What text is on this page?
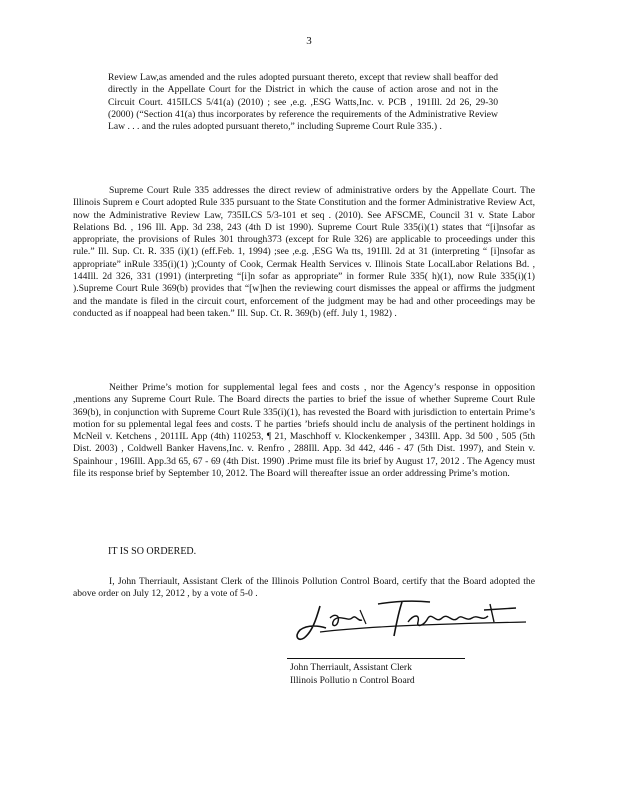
3

Review Law,as amended and the rules adopted pursuant thereto, except that review shall beaffor ded directly in the Appellate Court for the District in which the cause of action arose and not in the Circuit Court. 415ILCS 5/41(a) (2010) ; see ,e.g. ,ESG Watts,Inc. v. PCB , 191Ill. 2d 26, 29-30 (2000) (“Section 41(a) thus incorporates by reference the requirements of the Administrative Review Law . . . and the rules adopted pursuant thereto,” including Supreme Court Rule 335.) .

Supreme Court Rule 335 addresses the direct review of administrative orders by the Appellate Court. The Illinois Suprem e Court adopted Rule 335 pursuant to the State Constitution and the former Administrative Review Act, now the Administrative Review Law, 735ILCS 5/3-101 et seq . (2010). See AFSCME, Council 31 v. State Labor Relations Bd. , 196 Ill. App. 3d 238, 243 (4th D ist 1990). Supreme Court Rule 335(i)(1) states that “[i]nsofar as appropriate, the provisions of Rules 301 through373 (except for Rule 326) are applicable to proceedings under this rule.” Ill. Sup. Ct. R. 335 (i)(1) (eff.Feb. 1, 1994) ;see ,e.g. ,ESG Wa tts, 191Ill. 2d at 31 (interpreting “ [i]nsofar as appropriate” inRule 335(i)(1) );County of Cook, Cermak Health Services v. Illinois State LocalLabor Relations Bd. , 144Ill. 2d 326, 331 (1991) (interpreting “[i]n sofar as appropriate” in former Rule 335( h)(1), now Rule 335(i)(1) ).Supreme Court Rule 369(b) provides that “[w]hen the reviewing court dismisses the appeal or affirms the judgment and the mandate is filed in the circuit court, enforcement of the judgment may be had and other proceedings may be conducted as if noappeal had been taken.” Ill. Sup. Ct. R. 369(b) (eff. July 1, 1982) .

Neither Prime’s motion for supplemental legal fees and costs , nor the Agency’s response in opposition ,mentions any Supreme Court Rule. The Board directs the parties to brief the issue of whether Supreme Court Rule 369(b), in conjunction with Supreme Court Rule 335(i)(1), has revested the Board with jurisdiction to entertain Prime’s motion for su pplemental legal fees and costs. T he parties ’briefs should inclu de analysis of the pertinent holdings in McNeil v. Ketchens , 2011IL App (4th) 110253, ¶ 21, Maschhoff v. Klockenkemper , 343Ill. App. 3d 500 , 505 (5th Dist. 2003) , Coldwell Banker Havens,Inc. v. Renfro , 288Ill. App. 3d 442, 446 - 47 (5th Dist. 1997), and Stein v. Spainhour , 196Ill. App.3d 65, 67 - 69 (4th Dist. 1990) .Prime must file its brief by August 17, 2012 . The Agency must file its response brief by September 10, 2012. The Board will thereafter issue an order addressing Prime’s motion.

IT IS SO ORDERED.

I, John Therriault, Assistant Clerk of the Illinois Pollution Control Board, certify that the Board adopted the above order on July 12, 2012 , by a vote of 5-0 .

John Therriault, Assistant Clerk
Illinois Pollutio n Control Board
